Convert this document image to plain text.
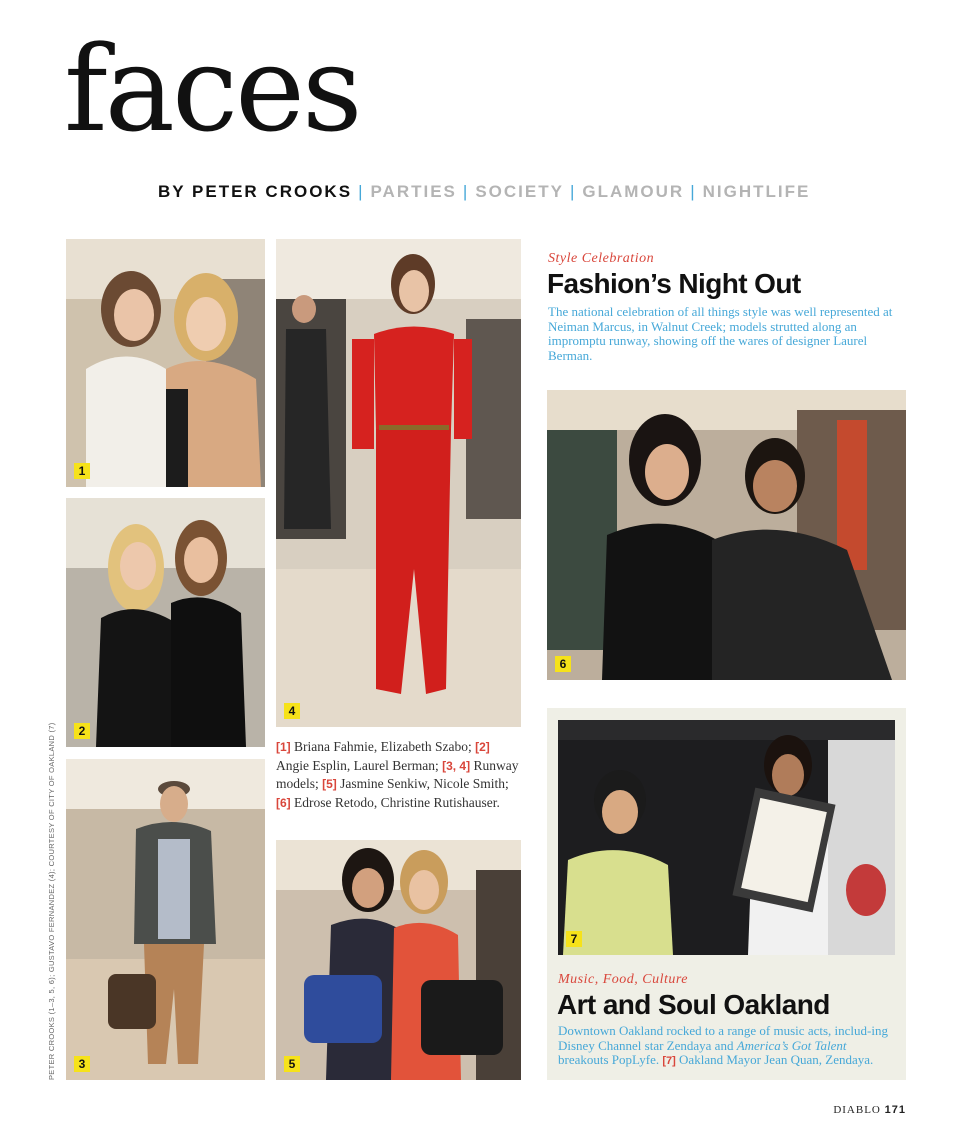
faces
BY PETER CROOKS | PARTIES | SOCIETY | GLAMOUR | NIGHTLIFE
1
2
3
4
[1] Briana Fahmie, Elizabeth Szabo; [2] Angie Esplin, Laurel Berman; [3, 4] Runway models; [5] Jasmine Senkiw, Nicole Smith; [6] Edrose Retodo, Christine Rutishauser.
5
Style Celebration
Fashion’s Night Out
The national celebration of all things style was well represented at Neiman Marcus, in Walnut Creek; models strutted along an impromptu runway, showing off the wares of designer Laurel Berman.
6
7
Music, Food, Culture
Art and Soul Oakland
Downtown Oakland rocked to a range of music acts, includ-ing Disney Channel star Zendaya and America’s Got Talent breakouts PopLyfe. [7] Oakland Mayor Jean Quan, Zendaya.
PETER CROOKS (1–3, 5, 6); GUSTAVO FERNANDEZ (4); COURTESY OF CITY OF OAKLAND (7)
DIABLO 171
